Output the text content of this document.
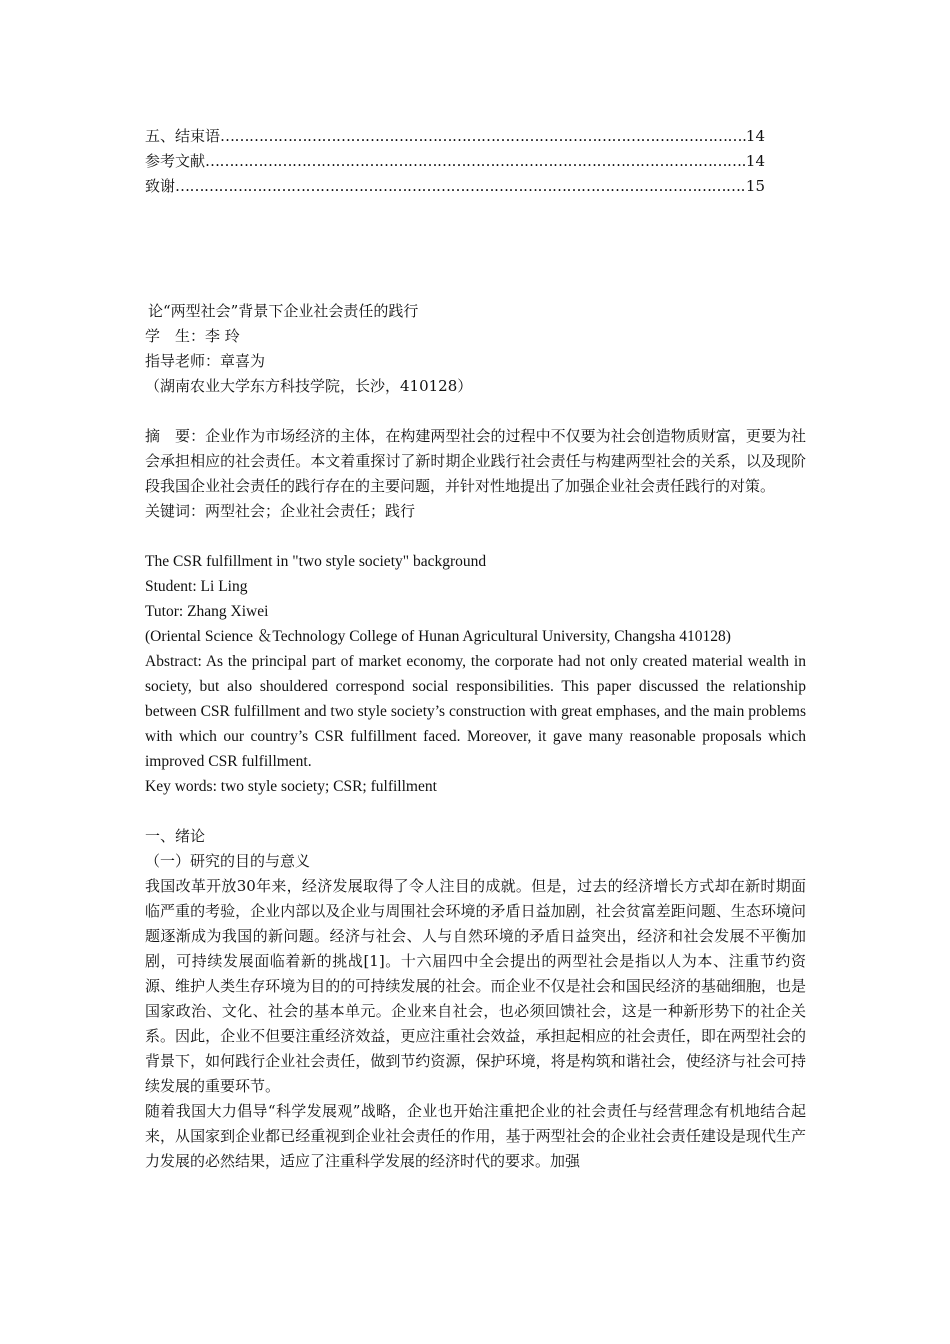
五、结束语 ……………………………………………………………………………………………………………………………………………………………………	14
参考文献 ……………………………………………………………………………………………………………………………………………………………………	14
致谢 ……………………………………………………………………………………………………………………………………………………………………	15
论“两型社会”背景下企业社会责任的践行
学　生：李 玲
指导老师：章喜为
（湖南农业大学东方科技学院，长沙，410128）

摘　要：企业作为市场经济的主体，在构建两型社会的过程中不仅要为社会创造物质财富，更要为社会承担相应的社会责任。本文着重探讨了新时期企业践行社会责任与构建两型社会的关系，以及现阶段我国企业社会责任的践行存在的主要问题，并针对性地提出了加强企业社会责任践行的对策。

关键词：两型社会；企业社会责任；践行
The CSR fulfillment in "two style society" background
Student: Li Ling
Tutor: Zhang Xiwei
(Oriental Science ＆Technology College of Hunan Agricultural University, Changsha 410128)

Abstract: As the principal part of market economy, the corporate had not only created material wealth in society, but also shouldered correspond social responsibilities. This paper discussed the relationship between CSR fulfillment and two style society’s construction with great emphases, and the main problems with which our country’s CSR fulfillment faced. Moreover, it gave many reasonable proposals which improved CSR fulfillment.

Key words: two style society; CSR; fulfillment
一、绪论
（一）研究的目的与意义

我国改革开放30年来，经济发展取得了令人注目的成就。但是，过去的经济增长方式却在新时期面临严重的考验，企业内部以及企业与周围社会环境的矛盾日益加剧，社会贫富差距问题、生态环境问题逐渐成为我国的新问题。经济与社会、人与自然环境的矛盾日益突出，经济和社会发展不平衡加剧，可持续发展面临着新的挑战[1]。十六届四中全会提出的两型社会是指以人为本、注重节约资源、维护人类生存环境为目的的可持续发展的社会。而企业不仅是社会和国民经济的基础细胞，也是国家政治、文化、社会的基本单元。企业来自社会，也必须回馈社会，这是一种新形势下的社企关系。因此，企业不但要注重经济效益，更应注重社会效益，承担起相应的社会责任，即在两型社会的背景下，如何践行企业社会责任，做到节约资源，保护环境，将是构筑和谐社会，使经济与社会可持续发展的重要环节。

随着我国大力倡导“科学发展观”战略，企业也开始注重把企业的社会责任与经营理念有机地结合起来，从国家到企业都已经重视到企业社会责任的作用，基于两型社会的企业社会责任建设是现代生产力发展的必然结果，适应了注重科学发展的经济时代的要求。加强
